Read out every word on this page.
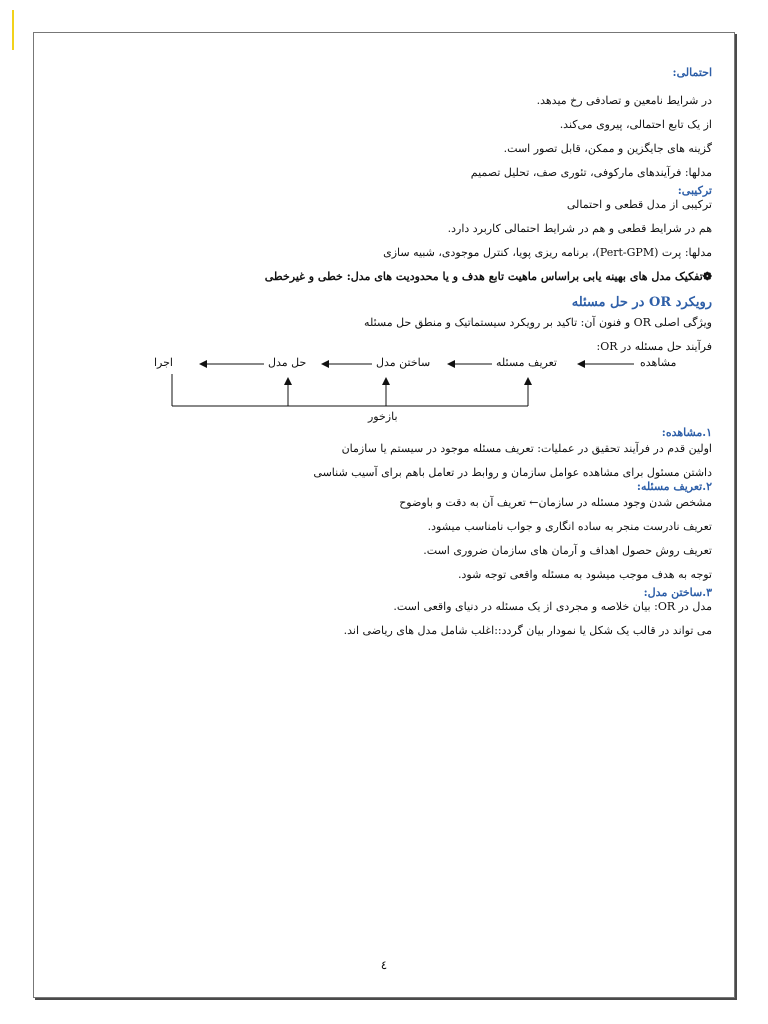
احتمالی:
در شرایط نامعین و تصادفی رخ میدهد.
از یک تابع احتمالی، پیروی می‌کند.
گزینه های جایگزین و ممکن، قابل تصور است.
مدلها: فرآیندهای مارکوفی، تئوری صف، تحلیل تصمیم
ترکیبی:
ترکیبی از مدل قطعی و احتمالی
هم در شرایط قطعی و هم در شرایط احتمالی کاربرد دارد.
مدلها: پرت (Pert-GPM)، برنامه ریزی پویا، کنترل موجودی، شبیه سازی
❁تفکیک مدل های بهینه یابی براساس ماهیت تابع هدف و یا محدودیت های مدل: خطی و غیرخطی
رویکرد OR در حل مسئله
ویژگی اصلی OR و فنون آن: تاکید بر رویکرد سیستماتیک و منطق حل مسئله
فرآیند حل مسئله در OR:
مشاهده
تعریف مسئله
ساختن مدل
حل مدل
اجرا
بازخور
۱.مشاهده:
اولین قدم در فرآیند تحقیق در عملیات: تعریف مسئله موجود در سیستم یا سازمان
داشتن مسئول برای مشاهده عوامل سازمان و روابط در تعامل باهم برای آسیب شناسی
۲.تعریف مسئله:
مشخص شدن وجود مسئله در سازمان← تعریف آن به دقت و باوضوح
تعریف نادرست منجر به ساده انگاری و جواب نامناسب میشود.
تعریف روش حصول اهداف و آرمان های سازمان ضروری است.
توجه به هدف موجب میشود به مسئله واقعی توجه شود.
۳.ساختن مدل:
مدل در OR: بیان خلاصه و مجردی از یک مسئله در دنیای واقعی است.
می تواند در قالب یک شکل یا نمودار بیان گردد::اغلب شامل مدل های ریاضی اند.
٤
